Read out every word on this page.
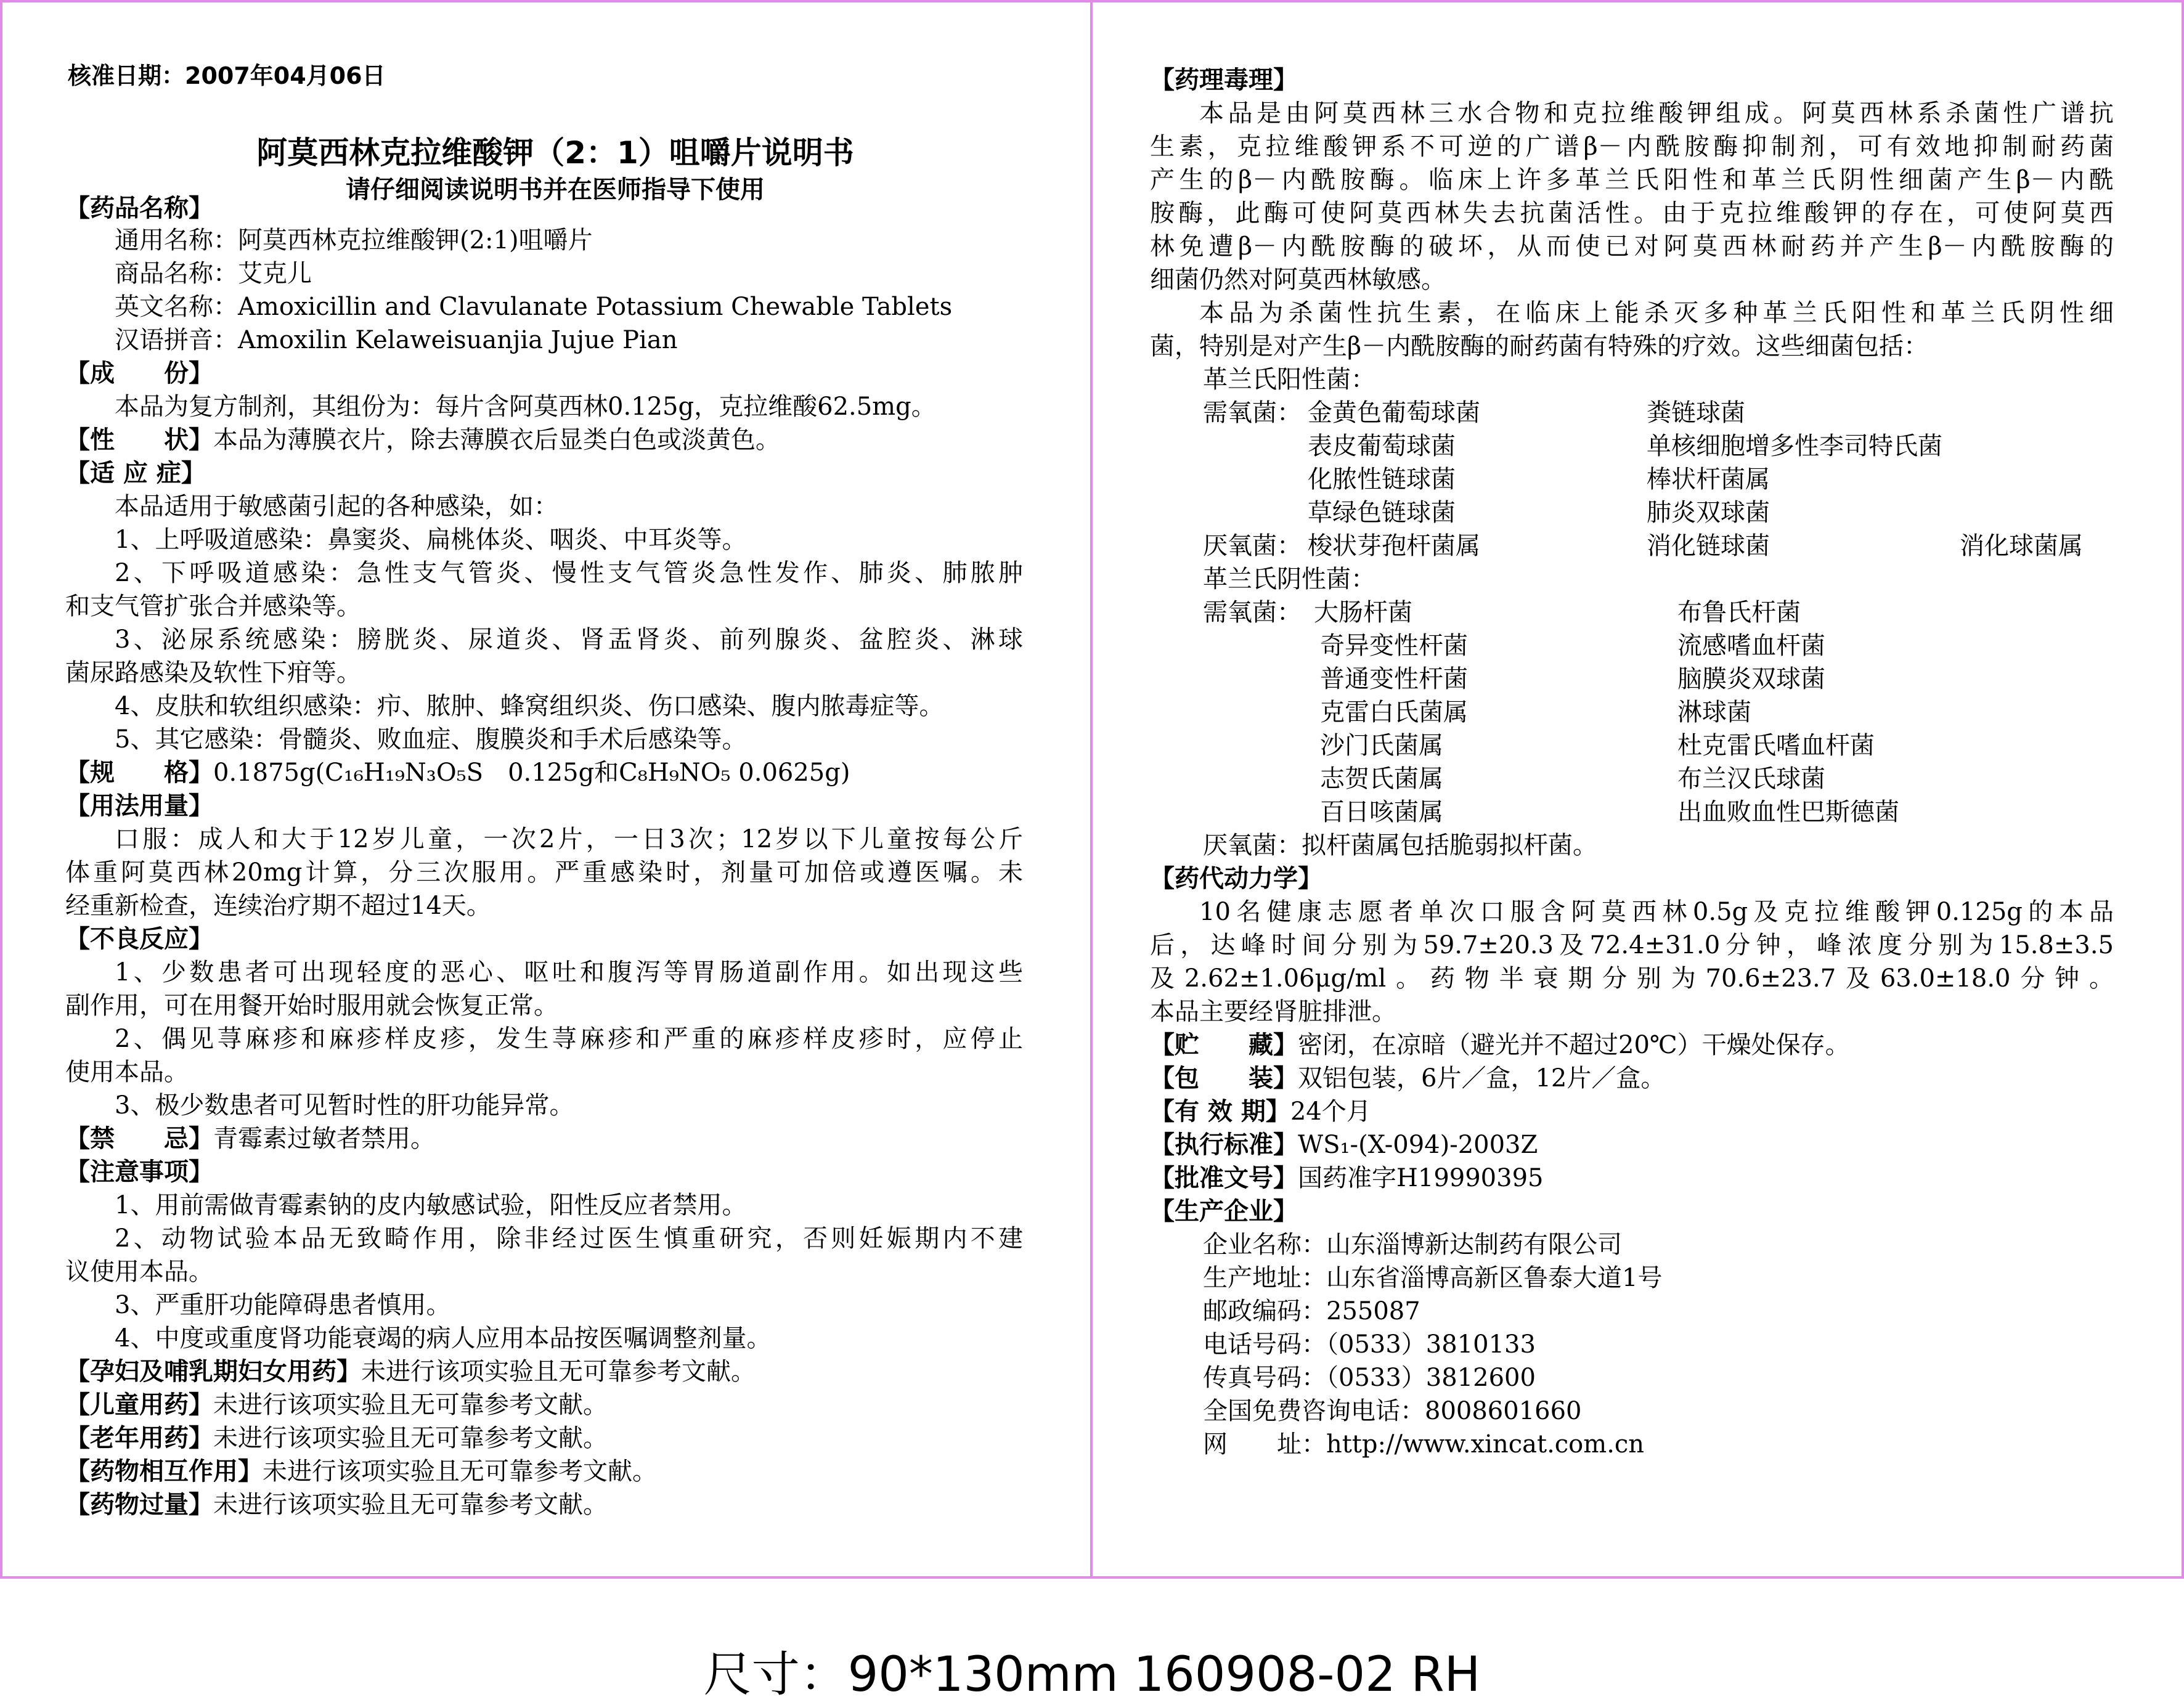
核准日期：2007年04月06日
阿莫西林克拉维酸钾（2：1）咀嚼片说明书
请仔细阅读说明书并在医师指导下使用
【药品名称】
通用名称：阿莫西林克拉维酸钾(2:1)咀嚼片
商品名称：艾克儿
英文名称：Amoxicillin and Clavulanate Potassium Chewable Tablets
汉语拼音：Amoxilin Kelaweisuanjia Jujue Pian
【成　　份】
本品为复方制剂，其组份为：每片含阿莫西林0.125g，克拉维酸62.5mg。
【性　　状】本品为薄膜衣片，除去薄膜衣后显类白色或淡黄色。
【适 应 症】
本品适用于敏感菌引起的各种感染，如：
1、上呼吸道感染：鼻窦炎、扁桃体炎、咽炎、中耳炎等。
2、下呼吸道感染：急性支气管炎、慢性支气管炎急性发作、肺炎、肺脓肿
和支气管扩张合并感染等。
3、泌尿系统感染：膀胱炎、尿道炎、肾盂肾炎、前列腺炎、盆腔炎、淋球
菌尿路感染及软性下疳等。
4、皮肤和软组织感染：疖、脓肿、蜂窝组织炎、伤口感染、腹内脓毒症等。
5、其它感染：骨髓炎、败血症、腹膜炎和手术后感染等。
【规　　格】0.1875g(C₁₆H₁₉N₃O₅S　0.125g和C₈H₉NO₅ 0.0625g)
【用法用量】
口服：成人和大于12岁儿童，一次2片，一日3次；12岁以下儿童按每公斤
体重阿莫西林20mg计算，分三次服用。严重感染时，剂量可加倍或遵医嘱。未
经重新检查，连续治疗期不超过14天。
【不良反应】
1、少数患者可出现轻度的恶心、呕吐和腹泻等胃肠道副作用。如出现这些
副作用，可在用餐开始时服用就会恢复正常。
2、偶见荨麻疹和麻疹样皮疹，发生荨麻疹和严重的麻疹样皮疹时，应停止
使用本品。
3、极少数患者可见暂时性的肝功能异常。
【禁　　忌】青霉素过敏者禁用。
【注意事项】
1、用前需做青霉素钠的皮内敏感试验，阳性反应者禁用。
2、动物试验本品无致畸作用，除非经过医生慎重研究，否则妊娠期内不建
议使用本品。
3、严重肝功能障碍患者慎用。
4、中度或重度肾功能衰竭的病人应用本品按医嘱调整剂量。
【孕妇及哺乳期妇女用药】未进行该项实验且无可靠参考文献。
【儿童用药】未进行该项实验且无可靠参考文献。
【老年用药】未进行该项实验且无可靠参考文献。
【药物相互作用】未进行该项实验且无可靠参考文献。
【药物过量】未进行该项实验且无可靠参考文献。
【药理毒理】
本品是由阿莫西林三水合物和克拉维酸钾组成。阿莫西林系杀菌性广谱抗
生素，克拉维酸钾系不可逆的广谱β－内酰胺酶抑制剂，可有效地抑制耐药菌
产生的β－内酰胺酶。临床上许多革兰氏阳性和革兰氏阴性细菌产生β－内酰
胺酶，此酶可使阿莫西林失去抗菌活性。由于克拉维酸钾的存在，可使阿莫西
林免遭β－内酰胺酶的破坏，从而使已对阿莫西林耐药并产生β－内酰胺酶的
细菌仍然对阿莫西林敏感。
本品为杀菌性抗生素，在临床上能杀灭多种革兰氏阳性和革兰氏阴性细
菌，特别是对产生β－内酰胺酶的耐药菌有特殊的疗效。这些细菌包括：
革兰氏阳性菌：
需氧菌： 金黄色葡萄球菌	粪链球菌
表皮葡萄球菌	单核细胞增多性李司特氏菌
化脓性链球菌	棒状杆菌属
草绿色链球菌	肺炎双球菌
厌氧菌： 梭状芽孢杆菌属	消化链球菌	消化球菌属
革兰氏阴性菌：
需氧菌： 大肠杆菌	布鲁氏杆菌
奇异变性杆菌	流感嗜血杆菌
普通变性杆菌	脑膜炎双球菌
克雷白氏菌属	淋球菌
沙门氏菌属	杜克雷氏嗜血杆菌
志贺氏菌属	布兰汉氏球菌
百日咳菌属	出血败血性巴斯德菌
厌氧菌：拟杆菌属包括脆弱拟杆菌。
【药代动力学】
10名健康志愿者单次口服含阿莫西林0.5g及克拉维酸钾0.125g的本品
后，达峰时间分别为59.7±20.3及72.4±31.0分钟，峰浓度分别为15.8±3.5
及2.62±1.06μg/ml。药物半衰期分别为70.6±23.7及63.0±18.0分钟。
本品主要经肾脏排泄。
【贮　　藏】密闭，在凉暗（避光并不超过20℃）干燥处保存。
【包　　装】双铝包装，6片／盒，12片／盒。
【有 效 期】24个月
【执行标准】WS₁-(X-094)-2003Z
【批准文号】国药准字H19990395
【生产企业】
企业名称：山东淄博新达制药有限公司
生产地址：山东省淄博高新区鲁泰大道1号
邮政编码：255087
电话号码：（0533）3810133
传真号码：（0533）3812600
全国免费咨询电话：8008601660
网　　址：http://www.xincat.com.cn
尺寸：90*130mm 160908-02 RH
